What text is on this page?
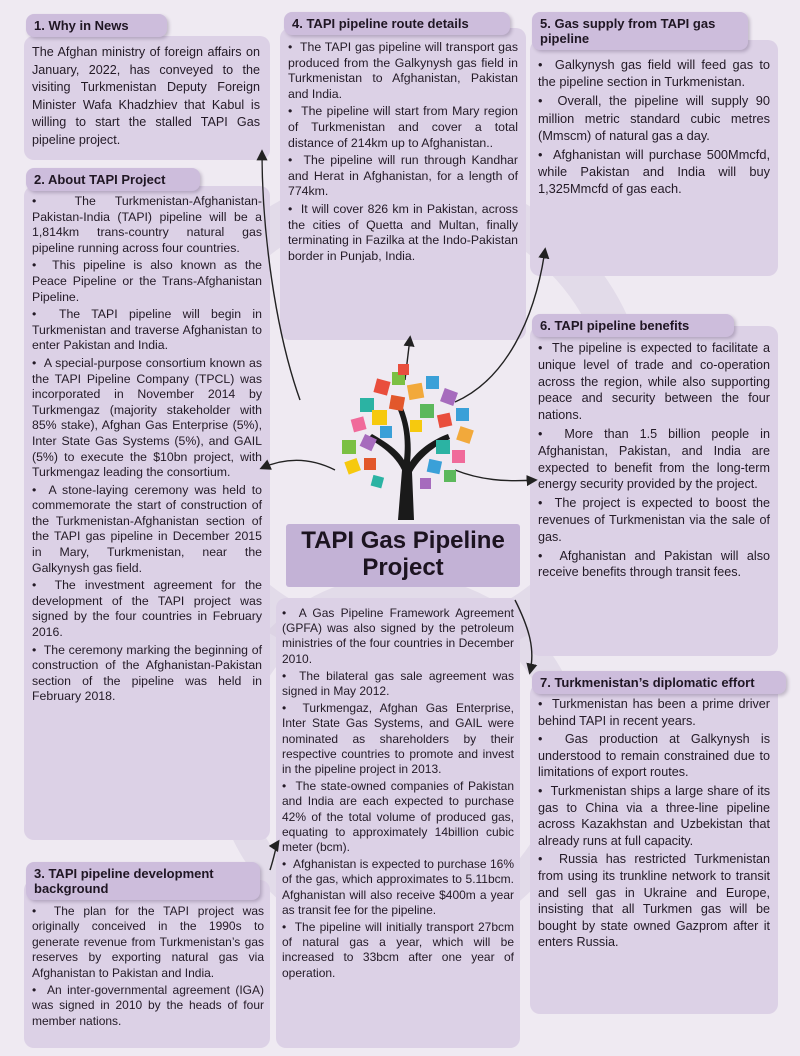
1. Why in News
2. About TAPI Project
3. TAPI pipeline development background
4. TAPI pipeline route details	5. Gas supply from TAPI gas pipeline
6. TAPI pipeline benefits
7. Turkmenistan’s diplomatic effort

The Afghan ministry of foreign affairs on January, 2022, has conveyed to the visiting Turkmenistan Deputy Foreign Minister Wafa Khadzhiev that Kabul is willing to start the stalled TAPI Gas pipeline project.

•  The Turkmenistan-Afghanistan-Pakistan-India (TAPI) pipeline will be a 1,814km trans-country natural gas pipeline running across four countries.

•  This pipeline is also known as the Peace Pipeline or the Trans-Afghanistan Pipeline.

•  The TAPI pipeline will begin in Turkmenistan and traverse Afghanistan to enter Pakistan and India.

•  A special-purpose consortium known as the TAPI Pipeline Company (TPCL) was incorporated in November 2014 by Turkmengaz (majority stakeholder with 85% stake), Afghan Gas Enterprise (5%), Inter State Gas Systems (5%), and GAIL (5%) to execute the $10bn project, with Turkmengaz leading the consortium.

•  A stone-laying ceremony was held to commemorate the start of construction of the Turkmenistan-Afghanistan section of the TAPI gas pipeline in December 2015 in Mary, Turkmenistan, near the Galkynysh gas field.

•  The investment agreement for the development of the TAPI project was signed by the four countries in February 2016.

•  The ceremony marking the beginning of construction of the Afghanistan-Pakistan section of the pipeline was held in February 2018.

•  The plan for the TAPI project was originally conceived in the 1990s to generate revenue from Turkmenistan’s gas reserves by exporting natural gas via Afghanistan to Pakistan and India.

•  An inter-governmental agreement (IGA) was signed in 2010 by the heads of four member nations.

•  The TAPI gas pipeline will transport gas produced from the Galkynysh gas field in Turkmenistan to Afghanistan, Pakistan and India.

•  The pipeline will start from Mary region of Turkmenistan and cover a total distance of 214km up to Afghanistan..

•  The pipeline will run through Kandhar and Herat in Afghanistan, for a length of 774km.

•  It will cover 826 km in Pakistan, across the cities of Quetta and Multan, finally terminating in Fazilka at the Indo-Pakistan border in Punjab, India.

•  Galkynysh gas field will feed gas to the pipeline section in Turkmenistan.

•  Overall, the pipeline will supply 90 million metric standard cubic metres (Mmscm) of natural gas a day.

•  Afghanistan will purchase 500Mmcfd, while Pakistan and India will buy 1,325Mmcfd of gas each.

•  The pipeline is expected to facilitate a unique level of trade and co-operation across the region, while also supporting peace and security between the four nations.

•  More than 1.5 billion people in Afghanistan, Pakistan, and India are expected to benefit from the long-term energy security provided by the project.

•  The project is expected to boost the revenues of Turkmenistan via the sale of gas.

•  Afghanistan and Pakistan will also receive benefits through transit fees.

•  Turkmenistan has been a prime driver behind TAPI in recent years.

•  Gas production at Galkynysh is understood to remain constrained due to limitations of export routes.

•  Turkmenistan ships a large share of its gas to China via a three-line pipeline across Kazakhstan and Uzbekistan that already runs at full capacity.

•  Russia has restricted Turkmenistan from using its trunkline network to transit and sell gas in Ukraine and Europe, insisting that all Turkmen gas will be bought by state owned Gazprom after it enters Russia.

•  A Gas Pipeline Framework Agreement (GPFA) was also signed by the petroleum ministries of the four countries in December 2010.

•  The bilateral gas sale agreement was signed in May 2012.

•  Turkmengaz, Afghan Gas Enterprise, Inter State Gas Systems, and GAIL were nominated as shareholders by their respective countries to promote and invest in the pipeline project in 2013.

•  The state-owned companies of Pakistan and India are each expected to purchase 42% of the total volume of produced gas, equating to approximately 14billion cubic meter (bcm).

•  Afghanistan is expected to purchase 16% of the gas, which approximates to 5.11bcm. Afghanistan will also receive $400m a year as transit fee for the pipeline.

•  The pipeline will initially transport 27bcm of natural gas a year, which will be increased to 33bcm after one year of operation.

TAPI Gas Pipeline Project
